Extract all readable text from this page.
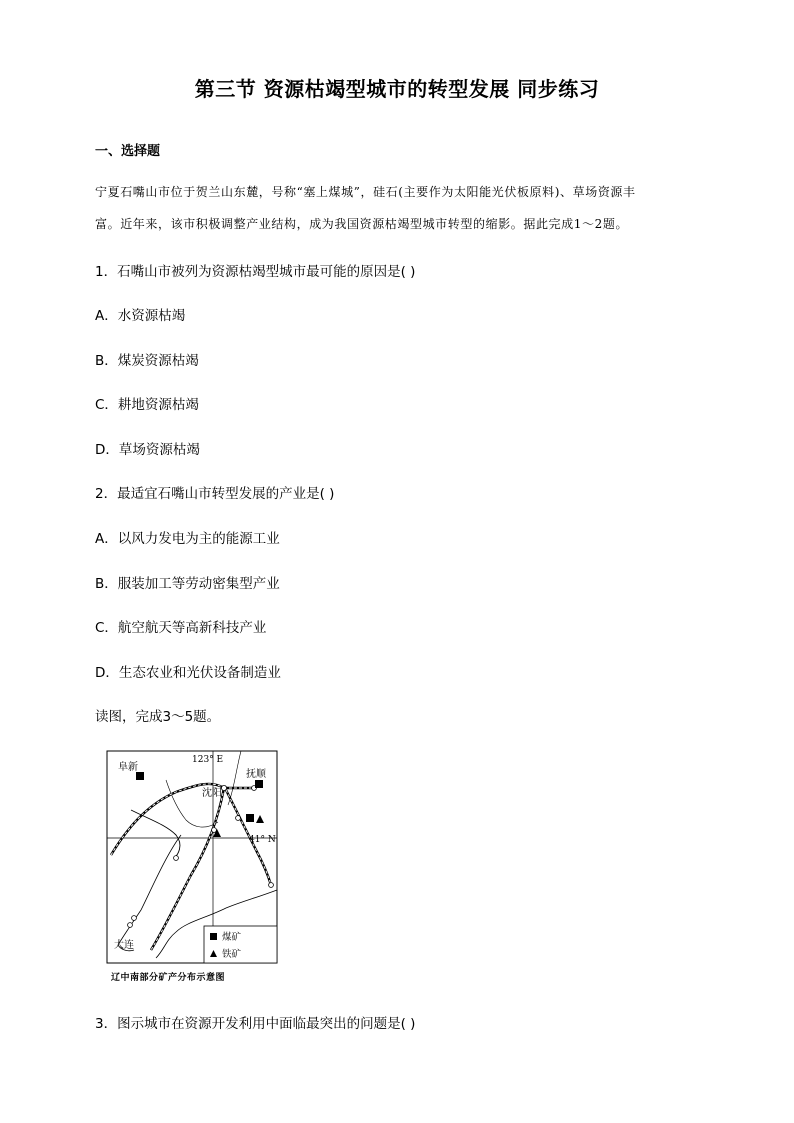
第三节 资源枯竭型城市的转型发展 同步练习
一、选择题
宁夏石嘴山市位于贺兰山东麓，号称“塞上煤城”，硅石(主要作为太阳能光伏板原料)、草场资源丰
富。近年来，该市积极调整产业结构，成为我国资源枯竭型城市转型的缩影。据此完成1～2题。
1．石嘴山市被列为资源枯竭型城市最可能的原因是( )
A．水资源枯竭
B．煤炭资源枯竭
C．耕地资源枯竭
D．草场资源枯竭
2．最适宜石嘴山市转型发展的产业是( )
A．以风力发电为主的能源工业
B．服装加工等劳动密集型产业
C．航空航天等高新科技产业
D．生态农业和光伏设备制造业
读图，完成3～5题。
阜新
123° E
抚顺
沈阳
41° N
大连
煤矿
铁矿
辽中南部分矿产分布示意图
3．图示城市在资源开发利用中面临最突出的问题是( )
